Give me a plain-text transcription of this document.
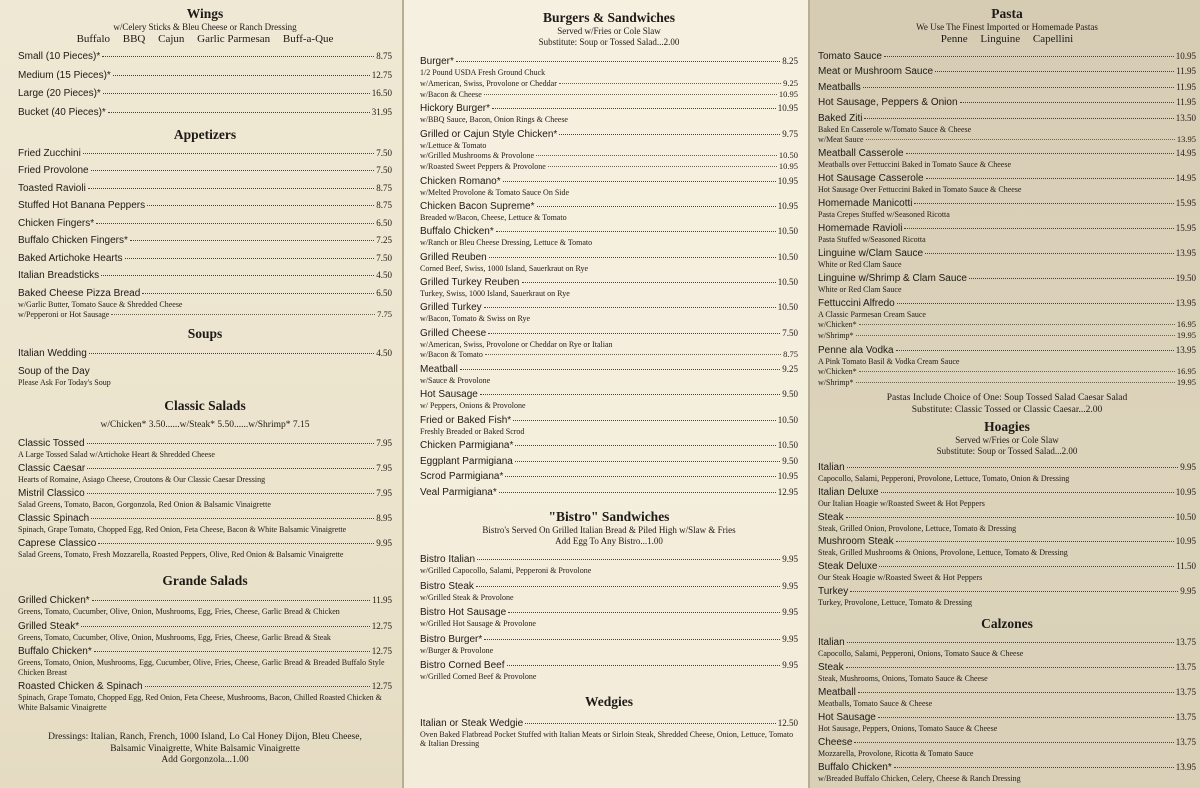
Wings
w/Celery Sticks & Bleu Cheese or Ranch Dressing
Buffalo BBQ Cajun Garlic Parmesan Buff-a-Que
Small (10 Pieces)*	8.75
Medium (15 Pieces)*	12.75
Large (20 Pieces)*	16.50
Bucket (40 Pieces)*	31.95
Appetizers
Fried Zucchini	7.50
Fried Provolone	7.50
Toasted Ravioli	8.75
Stuffed Hot Banana Peppers	8.75
Chicken Fingers*	6.50
Buffalo Chicken Fingers*	7.25
Baked Artichoke Hearts	7.50
Italian Breadsticks	4.50
Baked Cheese Pizza Bread	6.50
w/Garlic Butter, Tomato Sauce & Shredded Cheese
w/Pepperoni or Hot Sausage	7.75
Soups
Italian Wedding	4.50
Soup of the Day
Please Ask For Today's Soup
Classic Salads
w/Chicken* 3.50......w/Steak* 5.50......w/Shrimp* 7.15
Classic Tossed	7.95
A Large Tossed Salad w/Artichoke Heart & Shredded Cheese
Classic Caesar	7.95
Hearts of Romaine, Asiago Cheese, Croutons & Our Classic Caesar Dressing
Mistril Classico	7.95
Salad Greens, Tomato, Bacon, Gorgonzola, Red Onion & Balsamic Vinaigrette
Classic Spinach	8.95
Spinach, Grape Tomato, Chopped Egg, Red Onion, Feta Cheese, Bacon & White Balsamic Vinaigrette
Caprese Classico	9.95
Salad Greens, Tomato, Fresh Mozzarella, Roasted Peppers, Olive, Red Onion & Balsamic Vinaigrette
Grande Salads
Grilled Chicken*	11.95
Greens, Tomato, Cucumber, Olive, Onion, Mushrooms, Egg, Fries, Cheese, Garlic Bread & Chicken
Grilled Steak*	12.75
Greens, Tomato, Cucumber, Olive, Onion, Mushrooms, Egg, Fries, Cheese, Garlic Bread & Steak
Buffalo Chicken*	12.75
Greens, Tomato, Onion, Mushrooms, Egg, Cucumber, Olive, Fries, Cheese, Garlic Bread & Breaded Buffalo Style Chicken Breast
Roasted Chicken & Spinach	12.75
Spinach, Grape Tomato, Chopped Egg, Red Onion, Feta Cheese, Mushrooms, Bacon, Chilled Roasted Chicken & White Balsamic Vinaigrette
Dressings: Italian, Ranch, French, 1000 Island, Lo Cal Honey Dijon, Bleu Cheese,
Balsamic Vinaigrette, White Balsamic Vinaigrette
Add Gorgonzola...1.00
Burgers & Sandwiches
Served w/Fries or Cole Slaw
Substitute: Soup or Tossed Salad...2.00
Burger*	8.25
1/2 Pound USDA Fresh Ground Chuck
w/American, Swiss, Provolone or Cheddar	9.25
w/Bacon & Cheese	10.95
Hickory Burger*	10.95
w/BBQ Sauce, Bacon, Onion Rings & Cheese
Grilled or Cajun Style Chicken*	9.75
w/Lettuce & Tomato
w/Grilled Mushrooms & Provolone	10.50
w/Roasted Sweet Peppers & Provolone	10.95
Chicken Romano*	10.95
w/Melted Provolone & Tomato Sauce On Side
Chicken Bacon Supreme*	10.95
Breaded w/Bacon, Cheese, Lettuce & Tomato
Buffalo Chicken*	10.50
w/Ranch or Bleu Cheese Dressing, Lettuce & Tomato
Grilled Reuben	10.50
Corned Beef, Swiss, 1000 Island, Sauerkraut on Rye
Grilled Turkey Reuben	10.50
Turkey, Swiss, 1000 Island, Sauerkraut on Rye
Grilled Turkey	10.50
w/Bacon, Tomato & Swiss on Rye
Grilled Cheese	7.50
w/American, Swiss, Provolone or Cheddar on Rye or Italian
w/Bacon & Tomato	8.75
Meatball	9.25
w/Sauce & Provolone
Hot Sausage	9.50
w/ Peppers, Onions & Provolone
Fried or Baked Fish*	10.50
Freshly Breaded or Baked Scrod
Chicken Parmigiana*	10.50
Eggplant Parmigiana	9.50
Scrod Parmigiana*	10.95
Veal Parmigiana*	12.95
"Bistro" Sandwiches
Bistro's Served On Grilled Italian Bread & Piled High w/Slaw & Fries
Add Egg To Any Bistro...1.00
Bistro Italian	9.95
w/Grilled Capocollo, Salami, Pepperoni & Provolone
Bistro Steak	9.95
w/Grilled Steak & Provolone
Bistro Hot Sausage	9.95
w/Grilled Hot Sausage & Provolone
Bistro Burger*	9.95
w/Burger & Provolone
Bistro Corned Beef	9.95
w/Grilled Corned Beef & Provolone
Wedgies
Italian or Steak Wedgie	12.50
Oven Baked Flatbread Pocket Stuffed with Italian Meats or Sirloin Steak, Shredded Cheese, Onion, Lettuce, Tomato & Italian Dressing
Pasta
We Use The Finest Imported or Homemade Pastas
Penne Linguine Capellini
Tomato Sauce	10.95
Meat or Mushroom Sauce	11.95
Meatballs	11.95
Hot Sausage, Peppers & Onion	11.95
Baked Ziti	13.50
Baked En Casserole w/Tomato Sauce & Cheese
w/Meat Sauce	13.95
Meatball Casserole	14.95
Meatballs over Fettuccini Baked in Tomato Sauce & Cheese
Hot Sausage Casserole	14.95
Hot Sausage Over Fettuccini Baked in Tomato Sauce & Cheese
Homemade Manicotti	15.95
Pasta Crepes Stuffed w/Seasoned Ricotta
Homemade Ravioli	15.95
Pasta Stuffed w/Seasoned Ricotta
Linguine w/Clam Sauce	13.95
White or Red Clam Sauce
Linguine w/Shrimp & Clam Sauce	19.50
White or Red Clam Sauce
Fettuccini Alfredo	13.95
A Classic Parmesan Cream Sauce
w/Chicken*	16.95
w/Shrimp*	19.95
Penne ala Vodka	13.95
A Pink Tomato Basil & Vodka Cream Sauce
w/Chicken*	16.95
w/Shrimp*	19.95
Pastas Include Choice of One: Soup Tossed Salad Caesar Salad
Substitute: Classic Tossed or Classic Caesar...2.00
Hoagies
Served w/Fries or Cole Slaw
Substitute: Soup or Tossed Salad...2.00
Italian	9.95
Capocollo, Salami, Pepperoni, Provolone, Lettuce, Tomato, Onion & Dressing
Italian Deluxe	10.95
Our Italian Hoagie w/Roasted Sweet & Hot Peppers
Steak	10.50
Steak, Grilled Onion, Provolone, Lettuce, Tomato & Dressing
Mushroom Steak	10.95
Steak, Grilled Mushrooms & Onions, Provolone, Lettuce, Tomato & Dressing
Steak Deluxe	11.50
Our Steak Hoagie w/Roasted Sweet & Hot Peppers
Turkey	9.95
Turkey, Provolone, Lettuce, Tomato & Dressing
Calzones
Italian	13.75
Capocollo, Salami, Pepperoni, Onions, Tomato Sauce & Cheese
Steak	13.75
Steak, Mushrooms, Onions, Tomato Sauce & Cheese
Meatball	13.75
Meatballs, Tomato Sauce & Cheese
Hot Sausage	13.75
Hot Sausage, Peppers, Onions, Tomato Sauce & Cheese
Cheese	13.75
Mozzarella, Provolone, Ricotta & Tomato Sauce
Buffalo Chicken*	13.95
w/Breaded Buffalo Chicken, Celery, Cheese & Ranch Dressing
